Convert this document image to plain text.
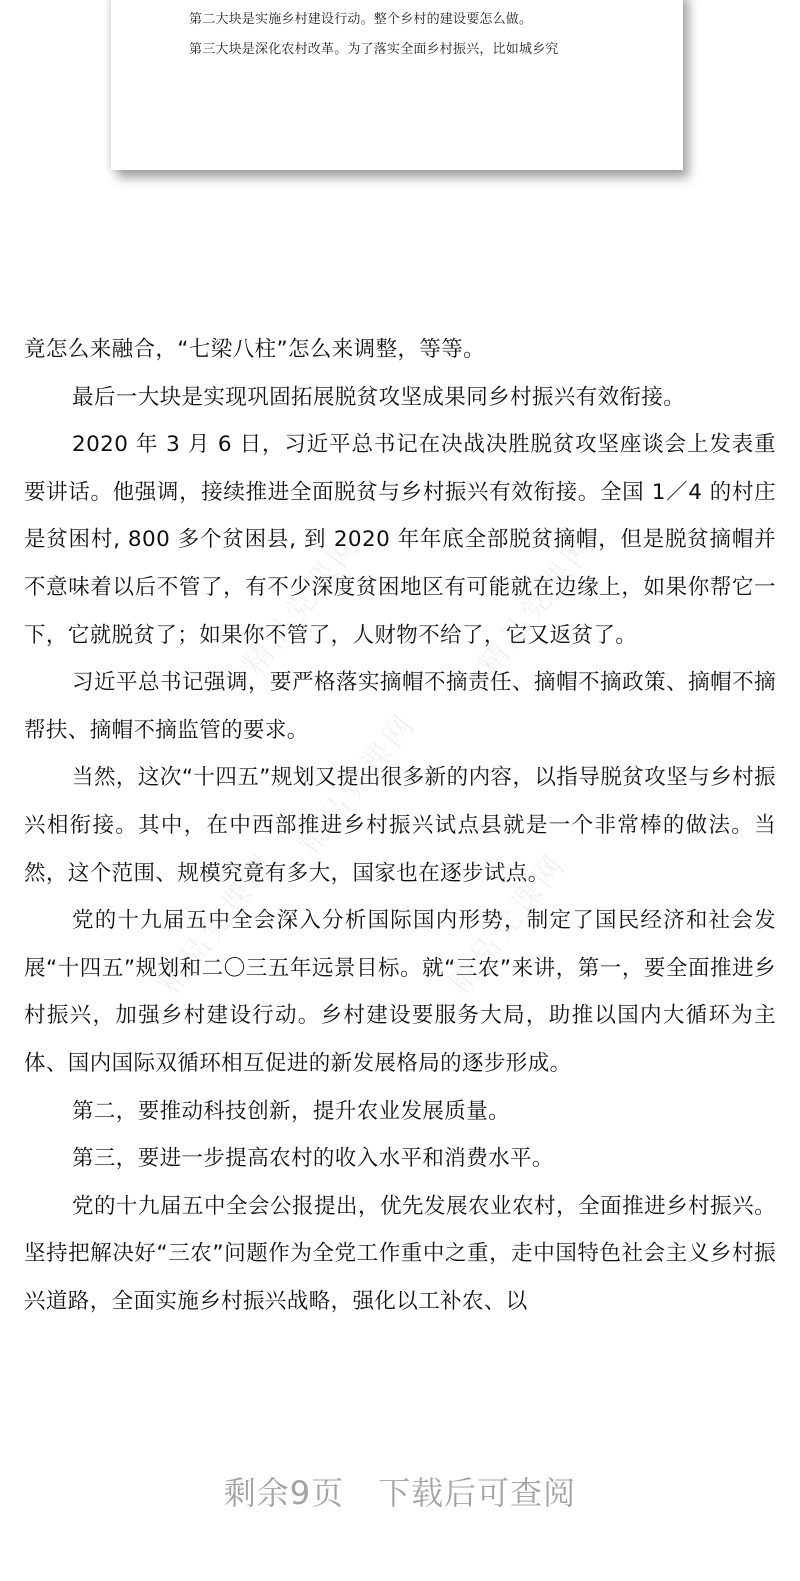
第二大块是实施乡村建设行动。整个乡村的建设要怎么做。
第三大块是深化农村改革。为了落实全面乡村振兴，比如城乡究
精品党课网	精品党课网
精品党课网
精品党课网	精品党课网

竟怎么来融合，“七梁八柱”怎么来调整，等等。

最后一大块是实现巩固拓展脱贫攻坚成果同乡村振兴有效衔接。

2020 年 3 月 6 日，习近平总书记在决战决胜脱贫攻坚座谈会上发表重要讲话。他强调，接续推进全面脱贫与乡村振兴有效衔接。全国 1／4 的村庄是贫困村, 800 多个贫困县, 到 2020 年年底全部脱贫摘帽，但是脱贫摘帽并不意味着以后不管了，有不少深度贫困地区有可能就在边缘上，如果你帮它一下，它就脱贫了；如果你不管了，人财物不给了，它又返贫了。

习近平总书记强调，要严格落实摘帽不摘责任、摘帽不摘政策、摘帽不摘帮扶、摘帽不摘监管的要求。

当然，这次“十四五”规划又提出很多新的内容，以指导脱贫攻坚与乡村振兴相衔接。其中，在中西部推进乡村振兴试点县就是一个非常棒的做法。当然，这个范围、规模究竟有多大，国家也在逐步试点。

党的十九届五中全会深入分析国际国内形势，制定了国民经济和社会发展“十四五”规划和二〇三五年远景目标。就“三农”来讲，第一，要全面推进乡村振兴，加强乡村建设行动。乡村建设要服务大局，助推以国内大循环为主体、国内国际双循环相互促进的新发展格局的逐步形成。

第二，要推动科技创新，提升农业发展质量。

第三，要进一步提高农村的收入水平和消费水平。

党的十九届五中全会公报提出，优先发展农业农村，全面推进乡村振兴。坚持把解决好“三农”问题作为全党工作重中之重，走中国特色社会主义乡村振兴道路，全面实施乡村振兴战略，强化以工补农、以

剩余9页 下载后可查阅
